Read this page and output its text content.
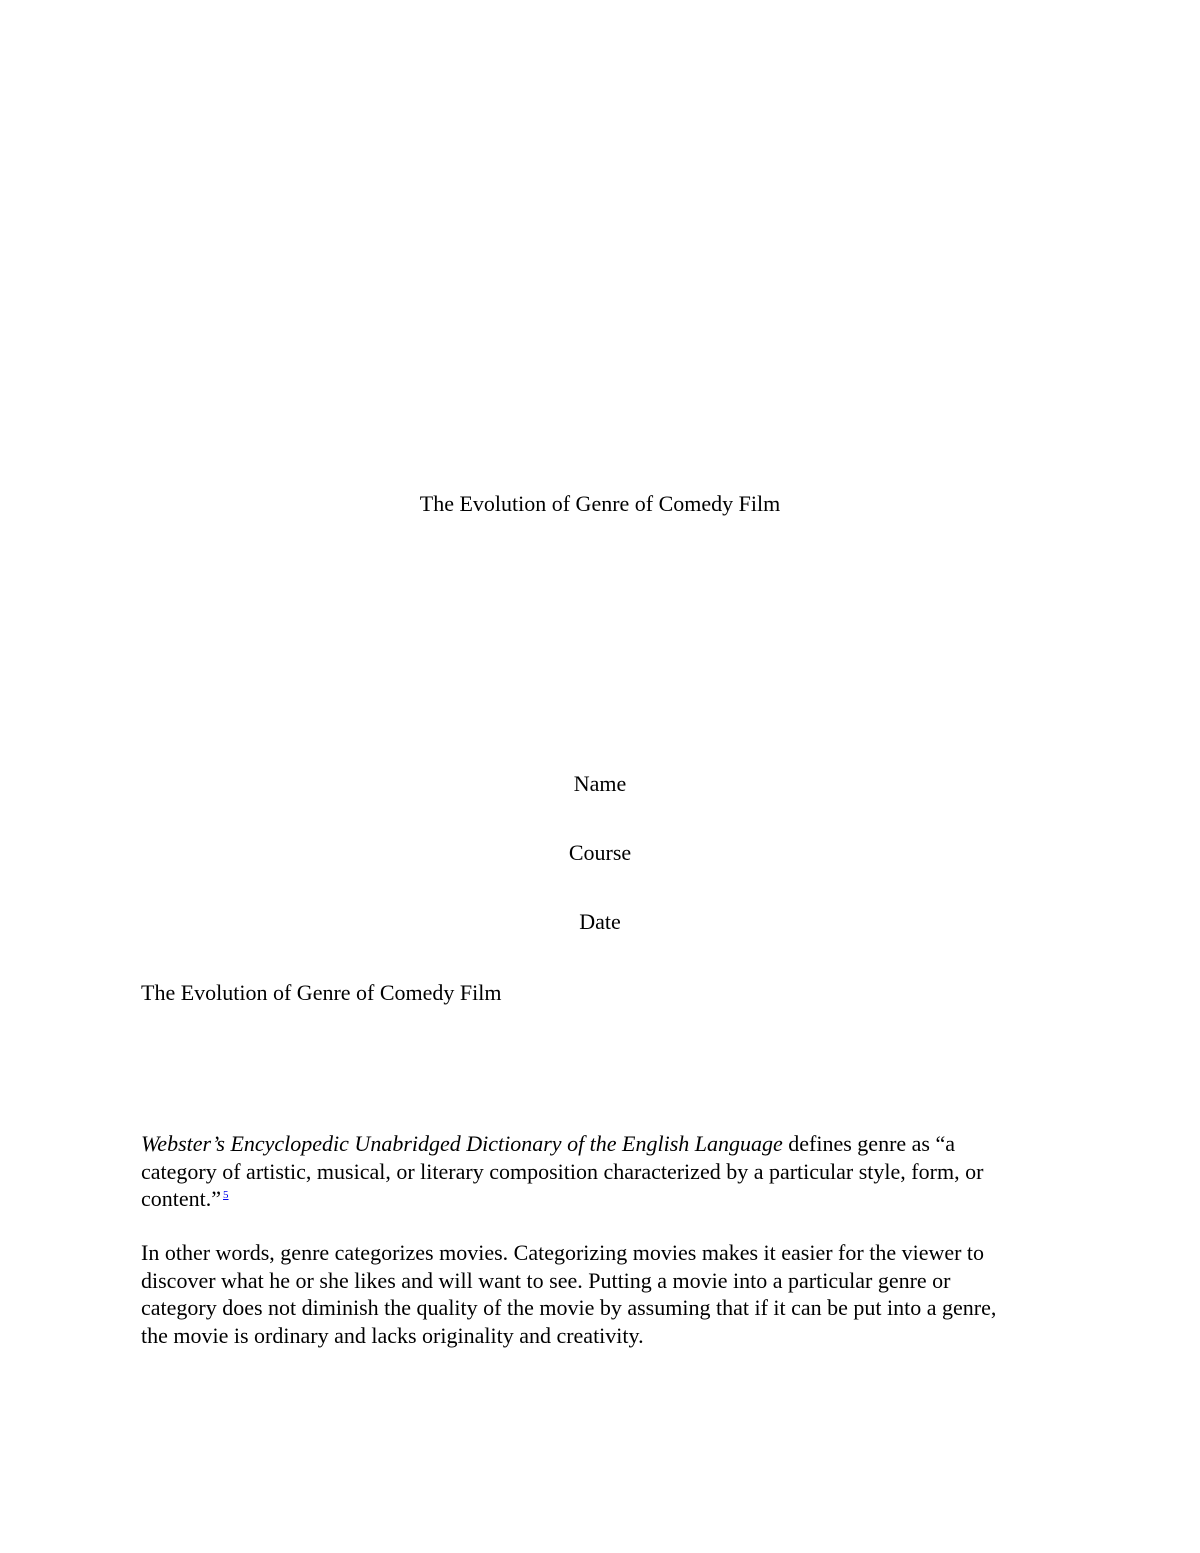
The Evolution of Genre of Comedy Film
Name
Course
Date
The Evolution of Genre of Comedy Film

Webster’s Encyclopedic Unabridged Dictionary of the English Language defines genre as “a
category of artistic, musical, or literary composition characterized by a particular style, form, or
content.” $^5$

In other words, genre categorizes movies. Categorizing movies makes it easier for the viewer to
discover what he or she likes and will want to see. Putting a movie into a particular genre or
category does not diminish the quality of the movie by assuming that if it can be put into a genre,
the movie is ordinary and lacks originality and creativity.
